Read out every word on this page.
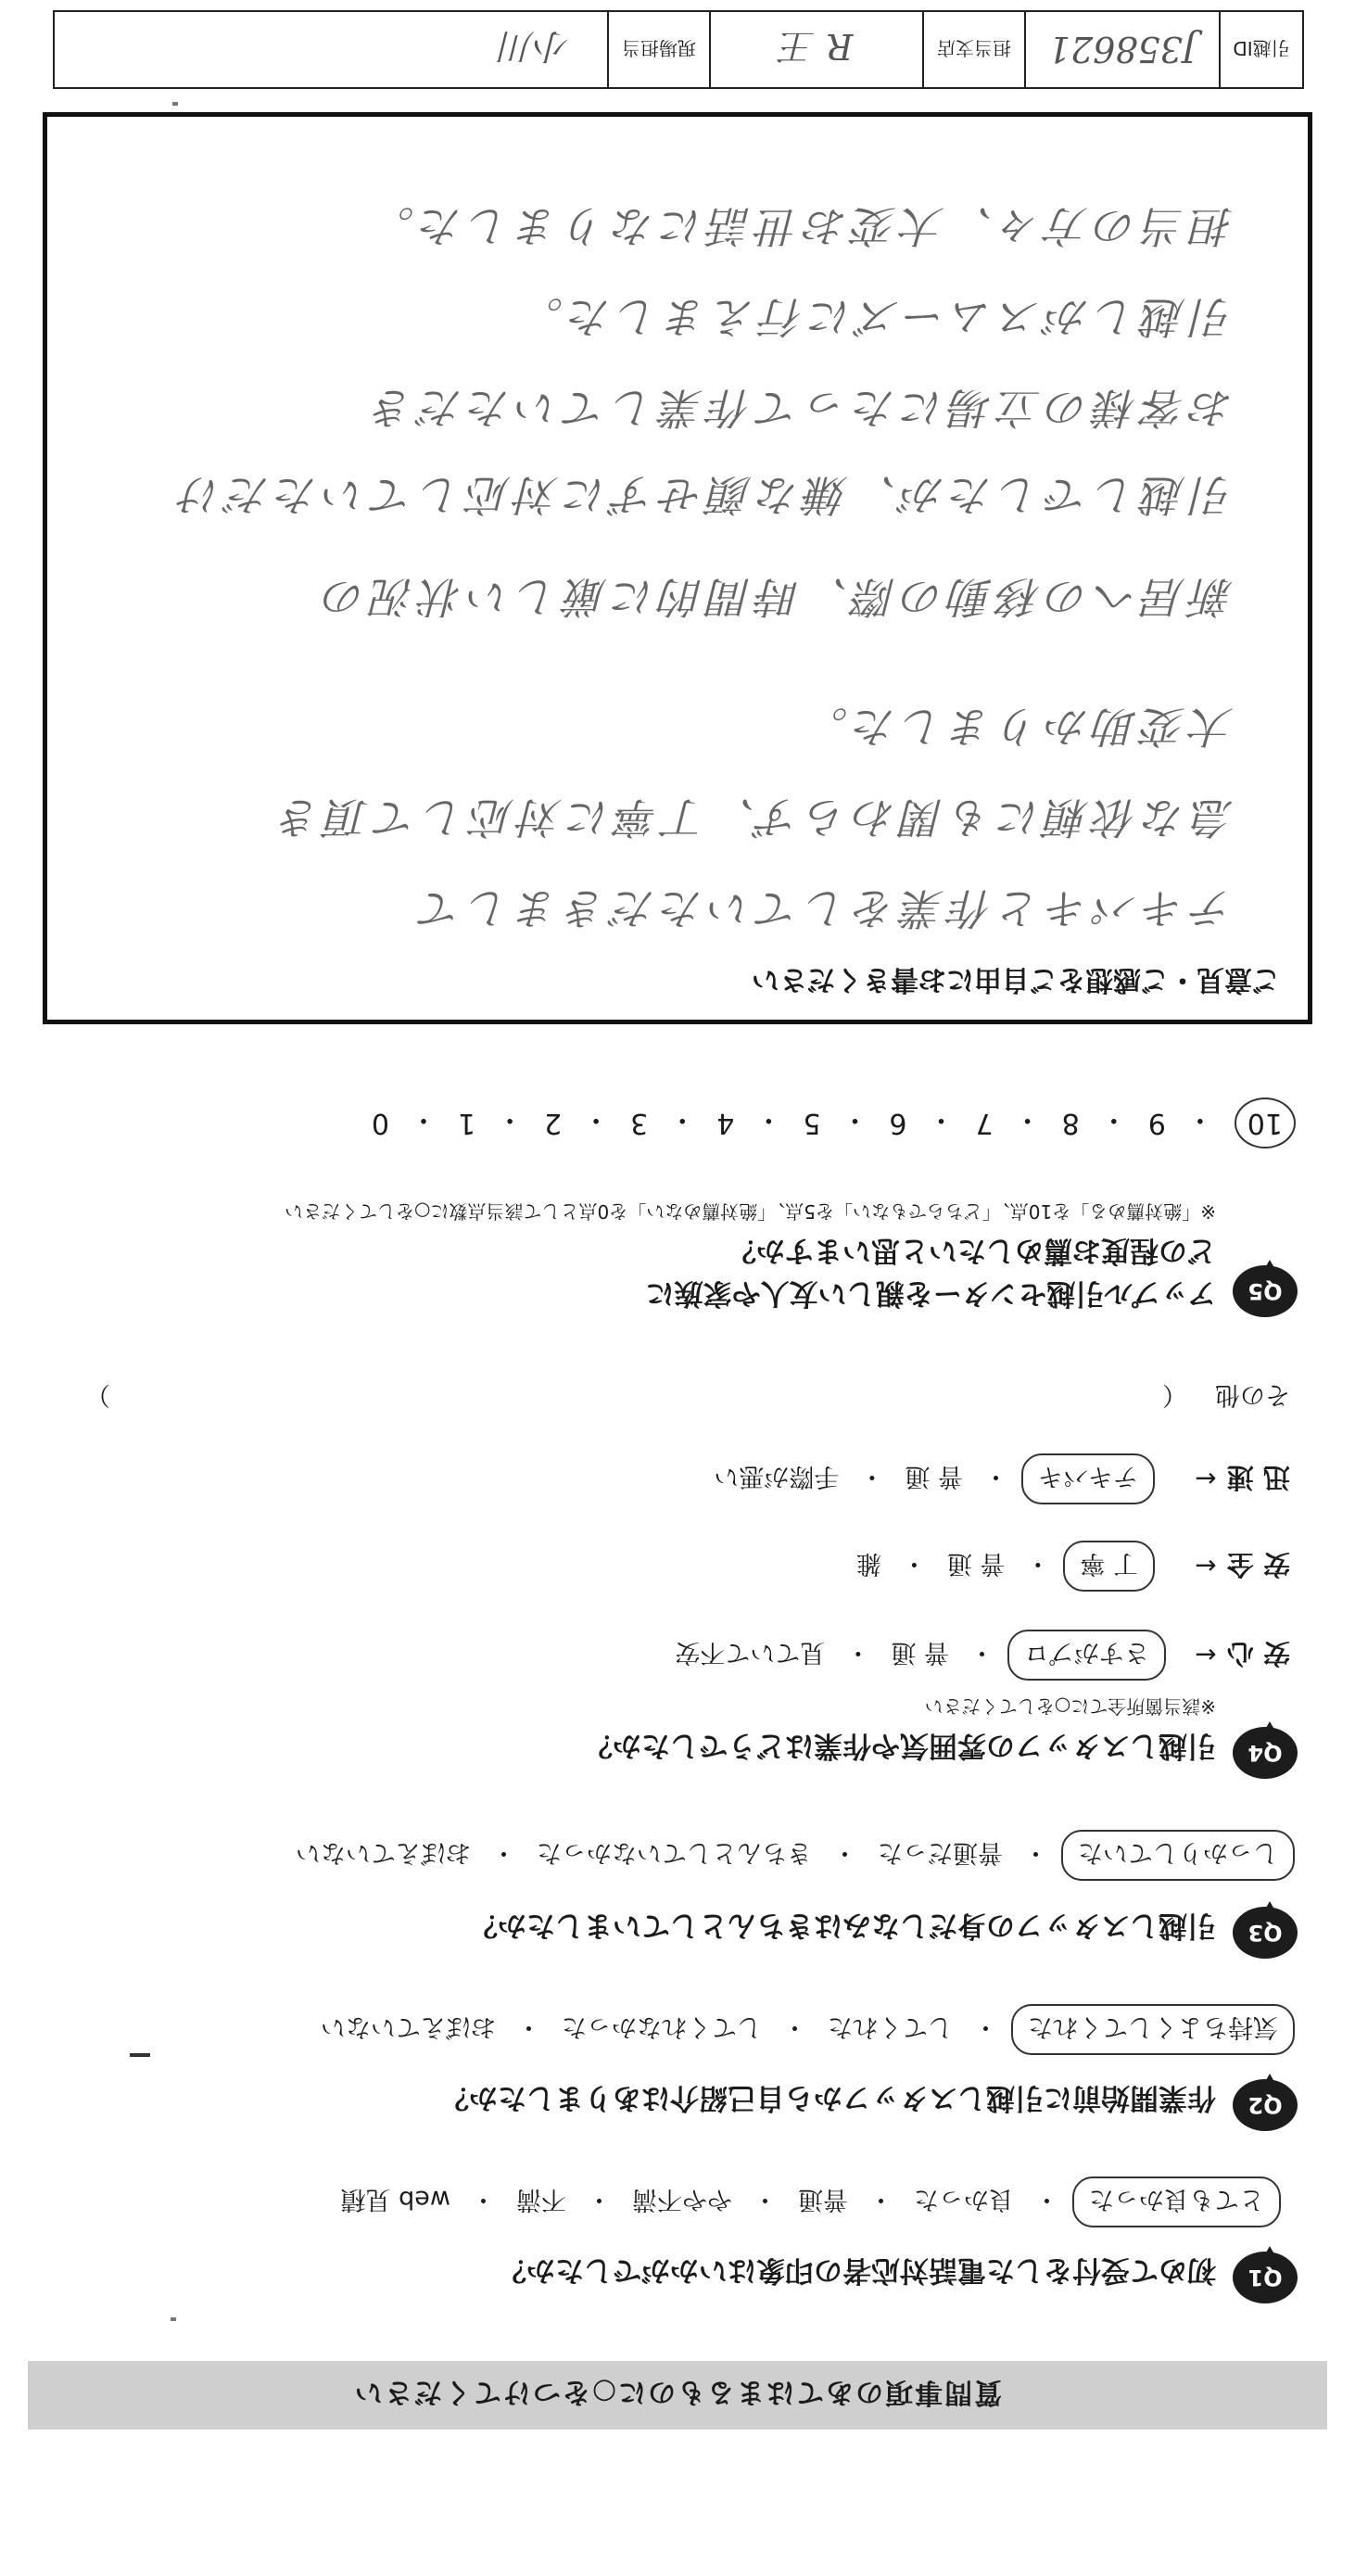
質問事項のあてはまるものに○をつけてください
Q1
初めて受付をした電話対応者の印象はいかがでしたか？
とても良かった
・
良かった
・
普通
・
やや不満
・
不満
・
web 見積
Q2
作業開始前に引越しスタッフから自己紹介はありましたか？
気持ちよくしてくれた
・
してくれた
・
してくれなかった
・
おぼえていない
Q3
引越しスタッフの身だしなみはきちんとしていましたか？
しっかりしていた
・
普通だった
・
きちんとしていなかった
・
おぼえていない
Q4
引越しスタッフの雰囲気や作業はどうでしたか？
※該当箇所全てに○をしてください
安 心
←
さすがプロ
・
普 通
・
見ていて不安
安 全
←
丁 寧
・
普 通
・
雑
迅 速
←
テキパキ
・
普 通
・
手際が悪い
その他
（
）
Q5
アップル引越センターを親しい友人や家族に
どの程度お薦めしたいと思いますか？
※「絶対薦める」を10点、「どちらでもない」を5点、「絶対薦めない」を0点として該当点数に○をしてください
10
・
9
・
8
・
7
・
6
・
5
・
4
・
3
・
2
・
1
・
0
ご意見・ご感想をご自由にお書きください
テキパキと作業をしていただきまして
急な依頼にも関わらず、丁寧に対応して頂き
大変助かりました。
新居への移動の際、時間的に厳しい状況の
引越しでしたが、嫌な顔せずに対応していただけ
お客様の立場にたって作業していただき
引越しがスムーズに行えました。
担当の方々、大変お世話になりました。
引越ID
J358621
担当支店
R 王
現場担当
小川
